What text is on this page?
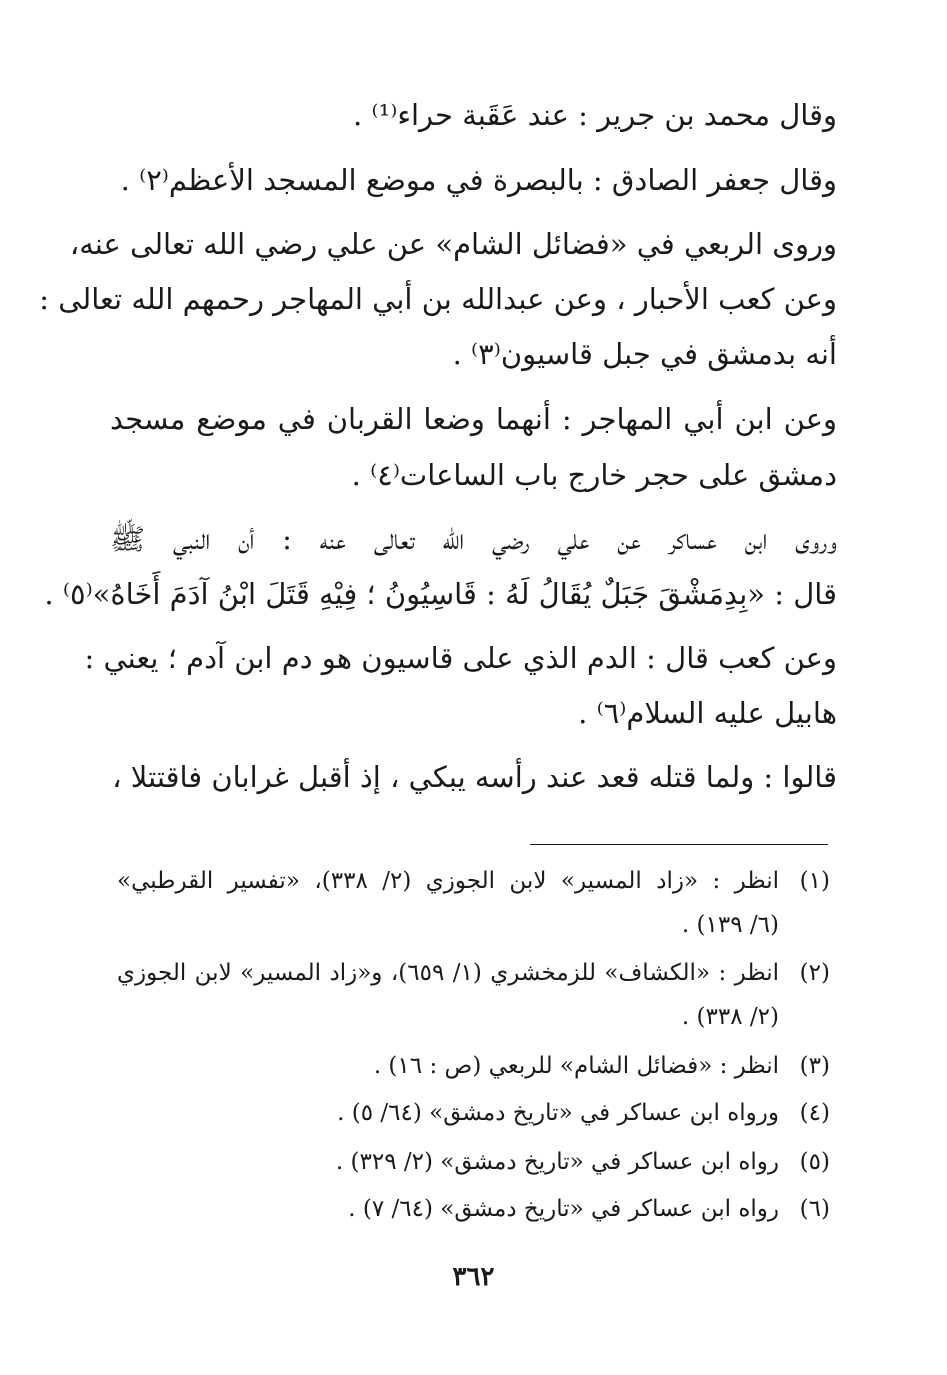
وقال محمد بن جرير : عند عَقَبة حراء⁽¹⁾ .
وقال جعفر الصادق : بالبصرة في موضع المسجد الأعظم⁽٢⁾ .
وروى الربعي في «فضائل الشام» عن علي رضي الله تعالى عنه،
وعن كعب الأحبار ، وعن عبدالله بن أبي المهاجر رحمهم الله تعالى :
أنه بدمشق في جبل قاسيون⁽٣⁾ .
وعن ابن أبي المهاجر : أنهما وضعا القربان في موضع مسجد
دمشق على حجر خارج باب الساعات⁽٤⁾ .
وروى ابن عساكر عن علي رضي الله تعالى عنه : أن النبي ﷺ
قال : «بِدِمَشْقَ جَبَلٌ يُقَالُ لَهُ : قَاسِيُونُ ؛ فِيْهِ قَتَلَ ابْنُ آدَمَ أَخَاهُ»⁽٥⁾ .
وعن كعب قال : الدم الذي على قاسيون هو دم ابن آدم ؛ يعني :
هابيل عليه السلام⁽٦⁾ .
قالوا : ولما قتله قعد عند رأسه يبكي ، إذ أقبل غرابان فاقتتلا ،
(١)
انظر : «زاد المسير» لابن الجوزي (٢/ ٣٣٨)، «تفسير القرطبي»
(٦/ ١٣٩) .
(٢)
انظر : «الكشاف» للزمخشري (١/ ٦٥٩)، و«زاد المسير» لابن الجوزي
(٢/ ٣٣٨) .
(٣)
انظر : «فضائل الشام» للربعي (ص : ١٦) .
(٤)
ورواه ابن عساكر في «تاريخ دمشق» (٦٤/ ٥) .
(٥)
رواه ابن عساكر في «تاريخ دمشق» (٢/ ٣٢٩) .
(٦)
رواه ابن عساكر في «تاريخ دمشق» (٦٤/ ٧) .
٣٦٢
